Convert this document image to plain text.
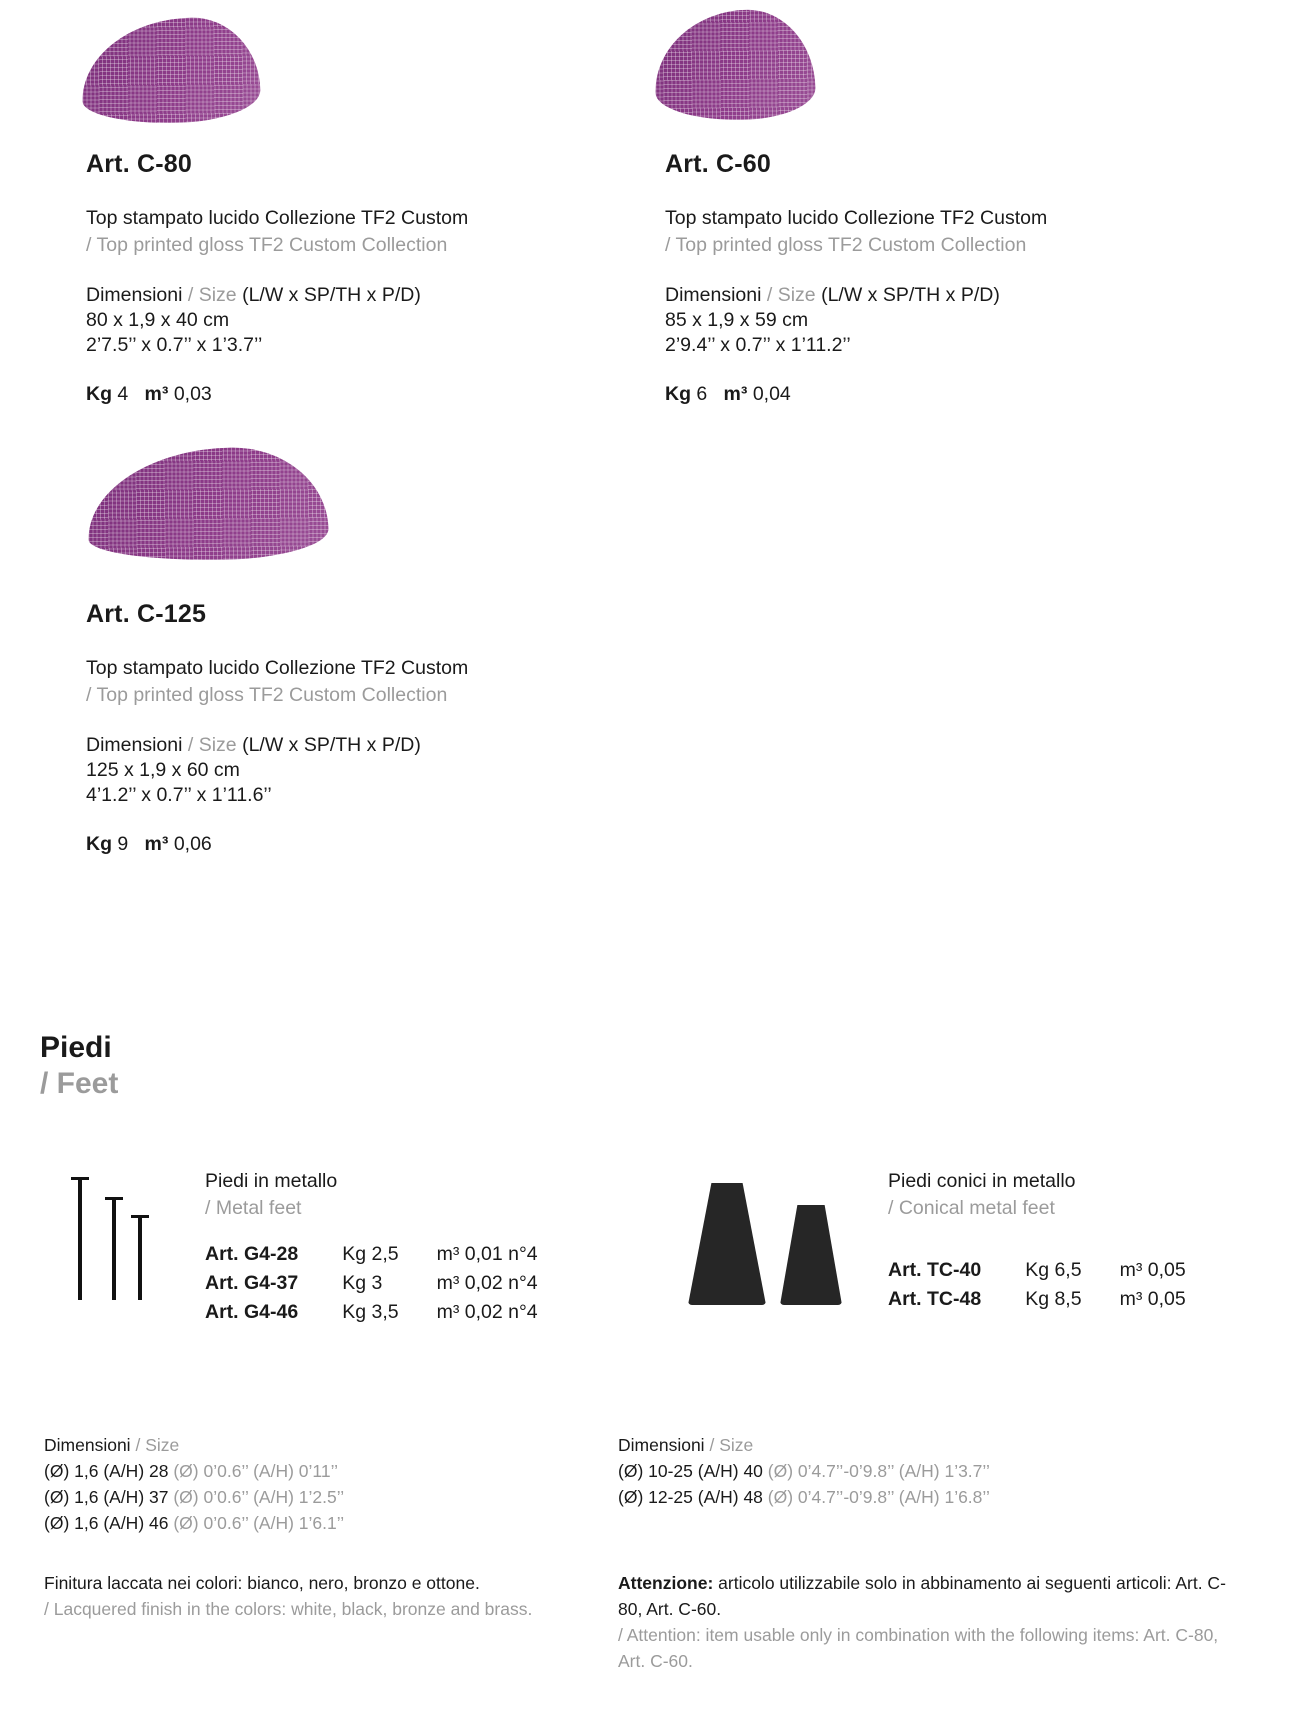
Art. C-80
Top stampato lucido Collezione TF2 Custom
/ Top printed gloss TF2 Custom Collection
Dimensioni / Size (L/W x SP/TH x P/D)
80 x 1,9 x 40 cm
2’7.5’’ x 0.7’’ x 1’3.7’’
Kg 4 m³ 0,03
Art. C-60
Top stampato lucido Collezione TF2 Custom
/ Top printed gloss TF2 Custom Collection
Dimensioni / Size (L/W x SP/TH x P/D)
85 x 1,9 x 59 cm
2’9.4’’ x 0.7’’ x 1’11.2’’
Kg 6 m³ 0,04
Art. C-125
Top stampato lucido Collezione TF2 Custom
/ Top printed gloss TF2 Custom Collection
Dimensioni / Size (L/W x SP/TH x P/D)
125 x 1,9 x 60 cm
4’1.2’’ x 0.7’’ x 1’11.6’’
Kg 9 m³ 0,06
Piedi
/ Feet
Piedi in metallo
/ Metal feet
Art. G4-28	Kg 2,5	m³ 0,01 n°4
Art. G4-37	Kg 3	m³ 0,02 n°4
Art. G4-46	Kg 3,5	m³ 0,02 n°4
Piedi conici in metallo
/ Conical metal feet
Art. TC-40	Kg 6,5	m³ 0,05
Art. TC-48	Kg 8,5	m³ 0,05
Dimensioni / Size
(Ø) 1,6 (A/H) 28 (Ø) 0’0.6’’ (A/H) 0’11’’
(Ø) 1,6 (A/H) 37 (Ø) 0’0.6’’ (A/H) 1’2.5’’
(Ø) 1,6 (A/H) 46 (Ø) 0’0.6’’ (A/H) 1’6.1’’
Dimensioni / Size
(Ø) 10-25 (A/H) 40 (Ø) 0’4.7’’-0’9.8’’ (A/H) 1’3.7’’
(Ø) 12-25 (A/H) 48 (Ø) 0’4.7’’-0’9.8’’ (A/H) 1’6.8’’
Finitura laccata nei colori: bianco, nero, bronzo e ottone.
/ Lacquered finish in the colors: white, black, bronze and brass.
Attenzione: articolo utilizzabile solo in abbinamento ai seguenti articoli: Art. C-80, Art. C-60.
/ Attention: item usable only in combination with the following items: Art. C-80, Art. C-60.
